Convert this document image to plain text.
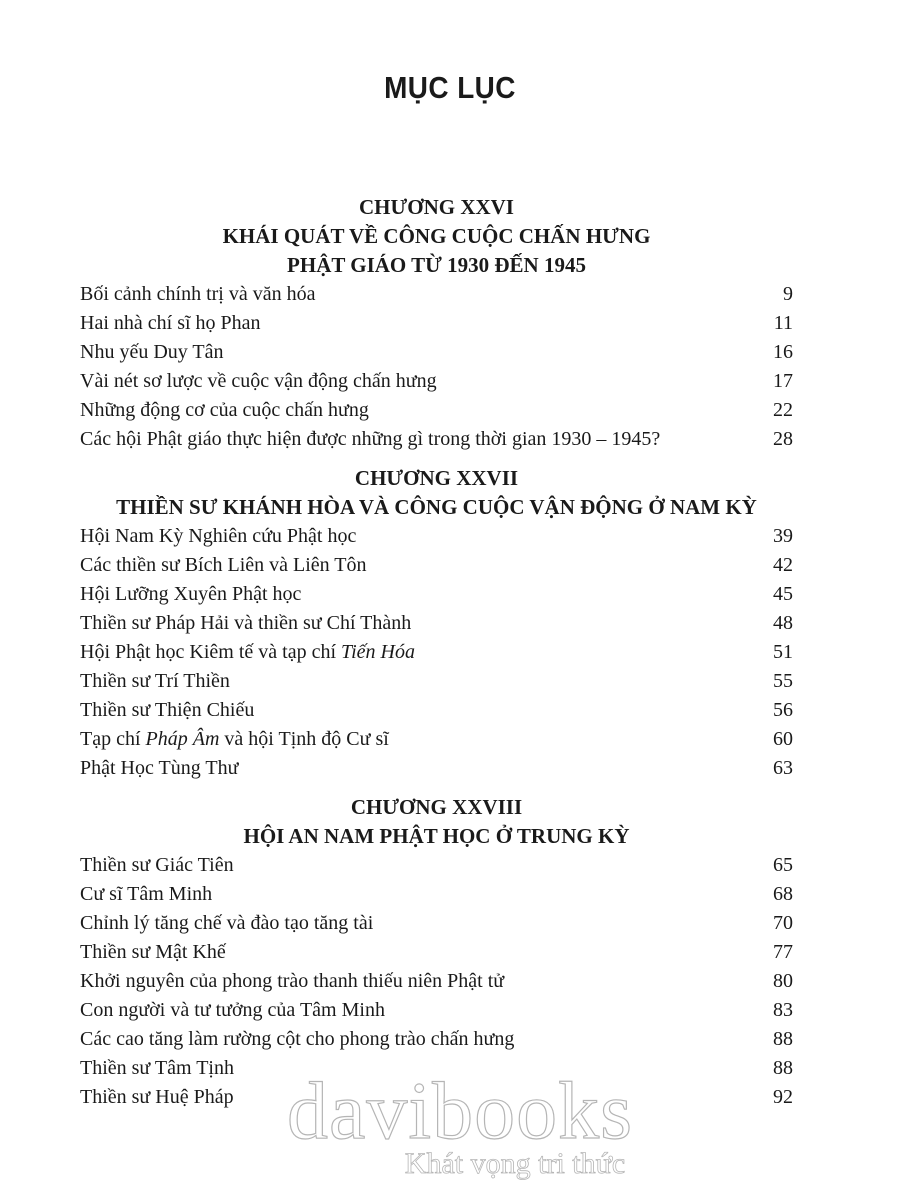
MỤC LỤC
CHƯƠNG XXVI
KHÁI QUÁT VỀ CÔNG CUỘC CHẤN HƯNG
PHẬT GIÁO TỪ 1930 ĐẾN 1945
Bối cảnh chính trị và văn hóa	9
Hai nhà chí sĩ họ Phan	11
Nhu yếu Duy Tân	16
Vài nét sơ lược về cuộc vận động chấn hưng	17
Những động cơ của cuộc chấn hưng	22
Các hội Phật giáo thực hiện được những gì trong thời gian 1930 – 1945?	28
CHƯƠNG XXVII
THIỀN SƯ KHÁNH HÒA VÀ CÔNG CUỘC VẬN ĐỘNG Ở NAM KỲ
Hội Nam Kỳ Nghiên cứu Phật học	39
Các thiền sư Bích Liên và Liên Tôn	42
Hội Lưỡng Xuyên Phật học	45
Thiền sư Pháp Hải và thiền sư Chí Thành	48
Hội Phật học Kiêm tế và tạp chí Tiến Hóa	51
Thiền sư Trí Thiền	55
Thiền sư Thiện Chiếu	56
Tạp chí Pháp Âm và hội Tịnh độ Cư sĩ	60
Phật Học Tùng Thư	63
CHƯƠNG XXVIII
HỘI AN NAM PHẬT HỌC Ở TRUNG KỲ
Thiền sư Giác Tiên	65
Cư sĩ Tâm Minh	68
Chỉnh lý tăng chế và đào tạo tăng tài	70
Thiền sư Mật Khế	77
Khởi nguyên của phong trào thanh thiếu niên Phật tử	80
Con người và tư tưởng của Tâm Minh	83
Các cao tăng làm rường cột cho phong trào chấn hưng	88
Thiền sư Tâm Tịnh	88
Thiền sư Huệ Pháp	92
davibooks
Khát vọng tri thức
